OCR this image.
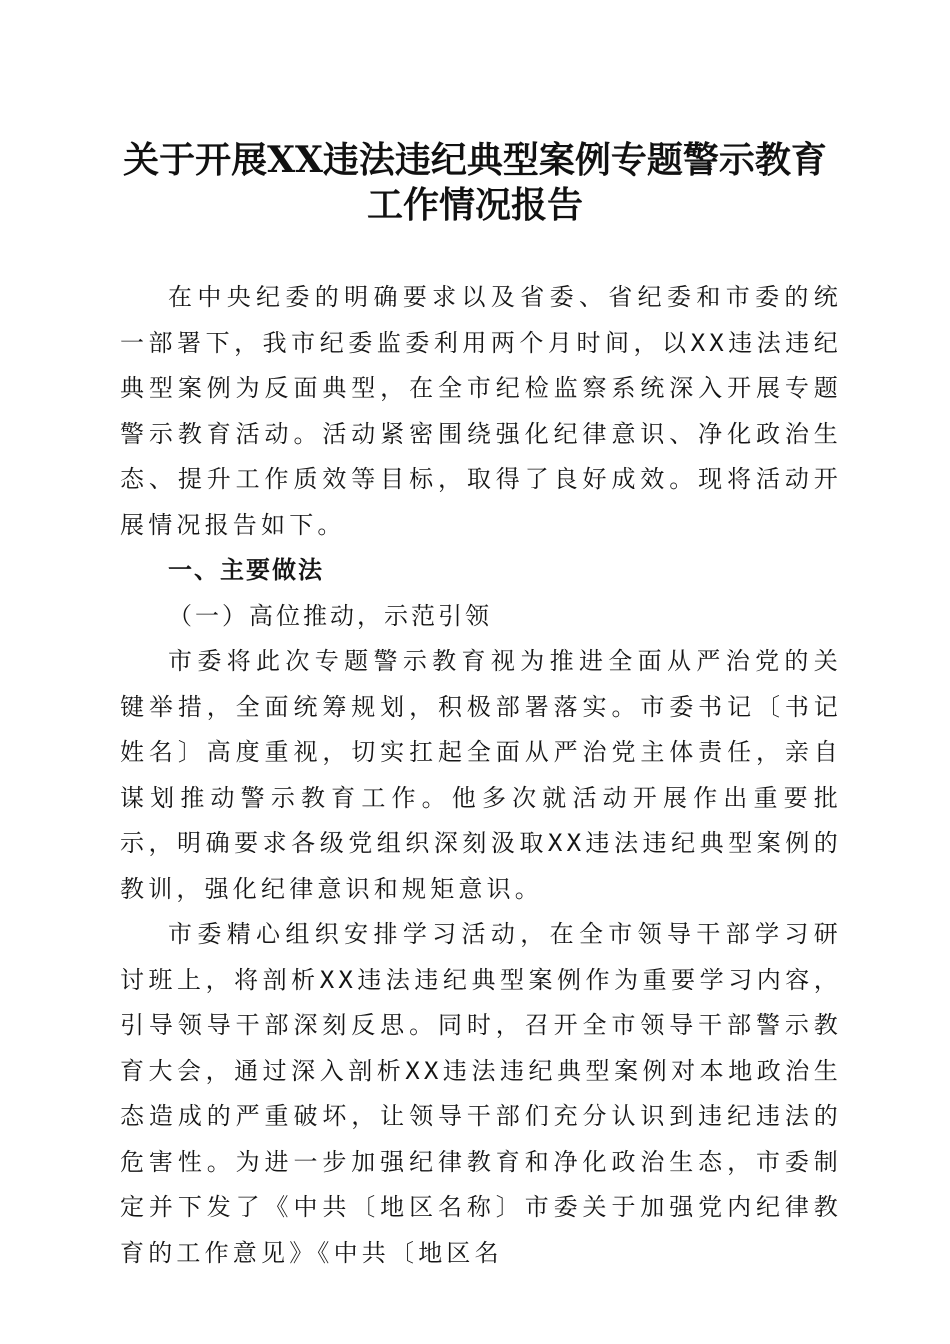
关于开展XX违法违纪典型案例专题警示教育
工作情况报告

在中央纪委的明确要求以及省委、省纪委和市委的统一部署下，我市纪委监委利用两个月时间，以XX违法违纪典型案例为反面典型，在全市纪检监察系统深入开展专题警示教育活动。活动紧密围绕强化纪律意识、净化政治生态、提升工作质效等目标，取得了良好成效。现将活动开展情况报告如下。

一、主要做法

（一）高位推动，示范引领

市委将此次专题警示教育视为推进全面从严治党的关键举措，全面统筹规划，积极部署落实。市委书记〔书记姓名〕高度重视，切实扛起全面从严治党主体责任，亲自谋划推动警示教育工作。他多次就活动开展作出重要批示，明确要求各级党组织深刻汲取XX违法违纪典型案例的教训，强化纪律意识和规矩意识。

市委精心组织安排学习活动，在全市领导干部学习研讨班上，将剖析XX违法违纪典型案例作为重要学习内容，引导领导干部深刻反思。同时，召开全市领导干部警示教育大会，通过深入剖析XX违法违纪典型案例对本地政治生态造成的严重破坏，让领导干部们充分认识到违纪违法的危害性。为进一步加强纪律教育和净化政治生态，市委制定并下发了《中共〔地区名称〕市委关于加强党内纪律教育的工作意见》《中共〔地区名
